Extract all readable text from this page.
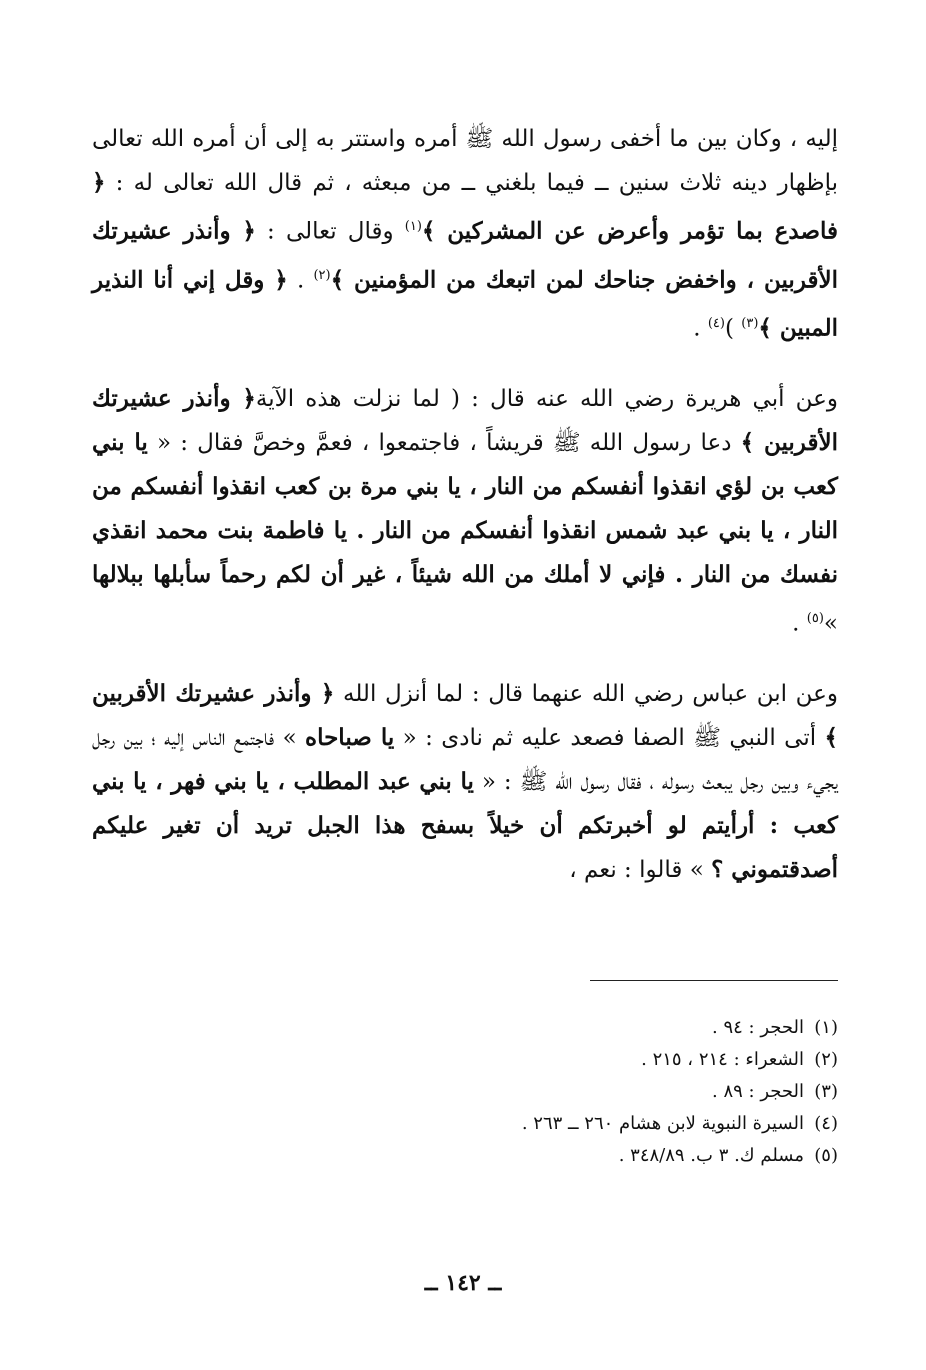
إليه ، وكان بين ما أخفى رسول الله ﷺ أمره واستتر به إلى أن أمره الله تعالى بإظهار دينه ثلاث سنين ــ فيما بلغني ــ من مبعثه ، ثم قال الله تعالى له : ﴿ فاصدع بما تؤمر وأعرض عن المشركين ﴾$^{(١)}$ وقال تعالى : ﴿ وأنذر عشيرتك الأقربين ، واخفض جناحك لمن اتبعك من المؤمنين ﴾$^{(٢)}$ . ﴿ وقل إني أنا النذير المبين ﴾$^{(٣)}$ )$^{(٤)}$ .

وعن أبي هريرة رضي الله عنه قال : ( لما نزلت هذه الآية﴿ وأنذر عشيرتك الأقربين ﴾ دعا رسول الله ﷺ قريشاً ، فاجتمعوا ، فعمَّ وخصَّ فقال : « يا بني كعب بن لؤي انقذوا أنفسكم من النار ، يا بني مرة بن كعب انقذوا أنفسكم من النار ، يا بني عبد شمس انقذوا أنفسكم من النار . يا فاطمة بنت محمد انقذي نفسك من النار . فإني لا أملك من الله شيئاً ، غير أن لكم رحماً سأبلها ببلالها »$^{(٥)}$ .

وعن ابن عباس رضي الله عنهما قال : لما أنزل الله ﴿ وأنذر عشيرتك الأقربين ﴾ أتى النبي ﷺ الصفا فصعد عليه ثم نادى : « يا صباحاه » فاجتمع الناس إليه ؛ بين رجل يجيء وبين رجل يبعث رسوله ، فقال رسول الله ﷺ : « يا بني عبد المطلب ، يا بني فهر ، يا بني كعب : أرأيتم لو أخبرتكم أن خيلاً بسفح هذا الجبل تريد أن تغير عليكم أصدقتموني ؟ » قالوا : نعم ،

(١)الحجر : ٩٤ .

(٢)الشعراء : ٢١٤ ، ٢١٥ .

(٣)الحجر : ٨٩ .

(٤)السيرة النبوية لابن هشام ٢٦٠ ــ ٢٦٣ .

(٥)مسلم ك. ٣ ب. ٣٤٨/٨٩ .

ــ ١٤٢ ــ
